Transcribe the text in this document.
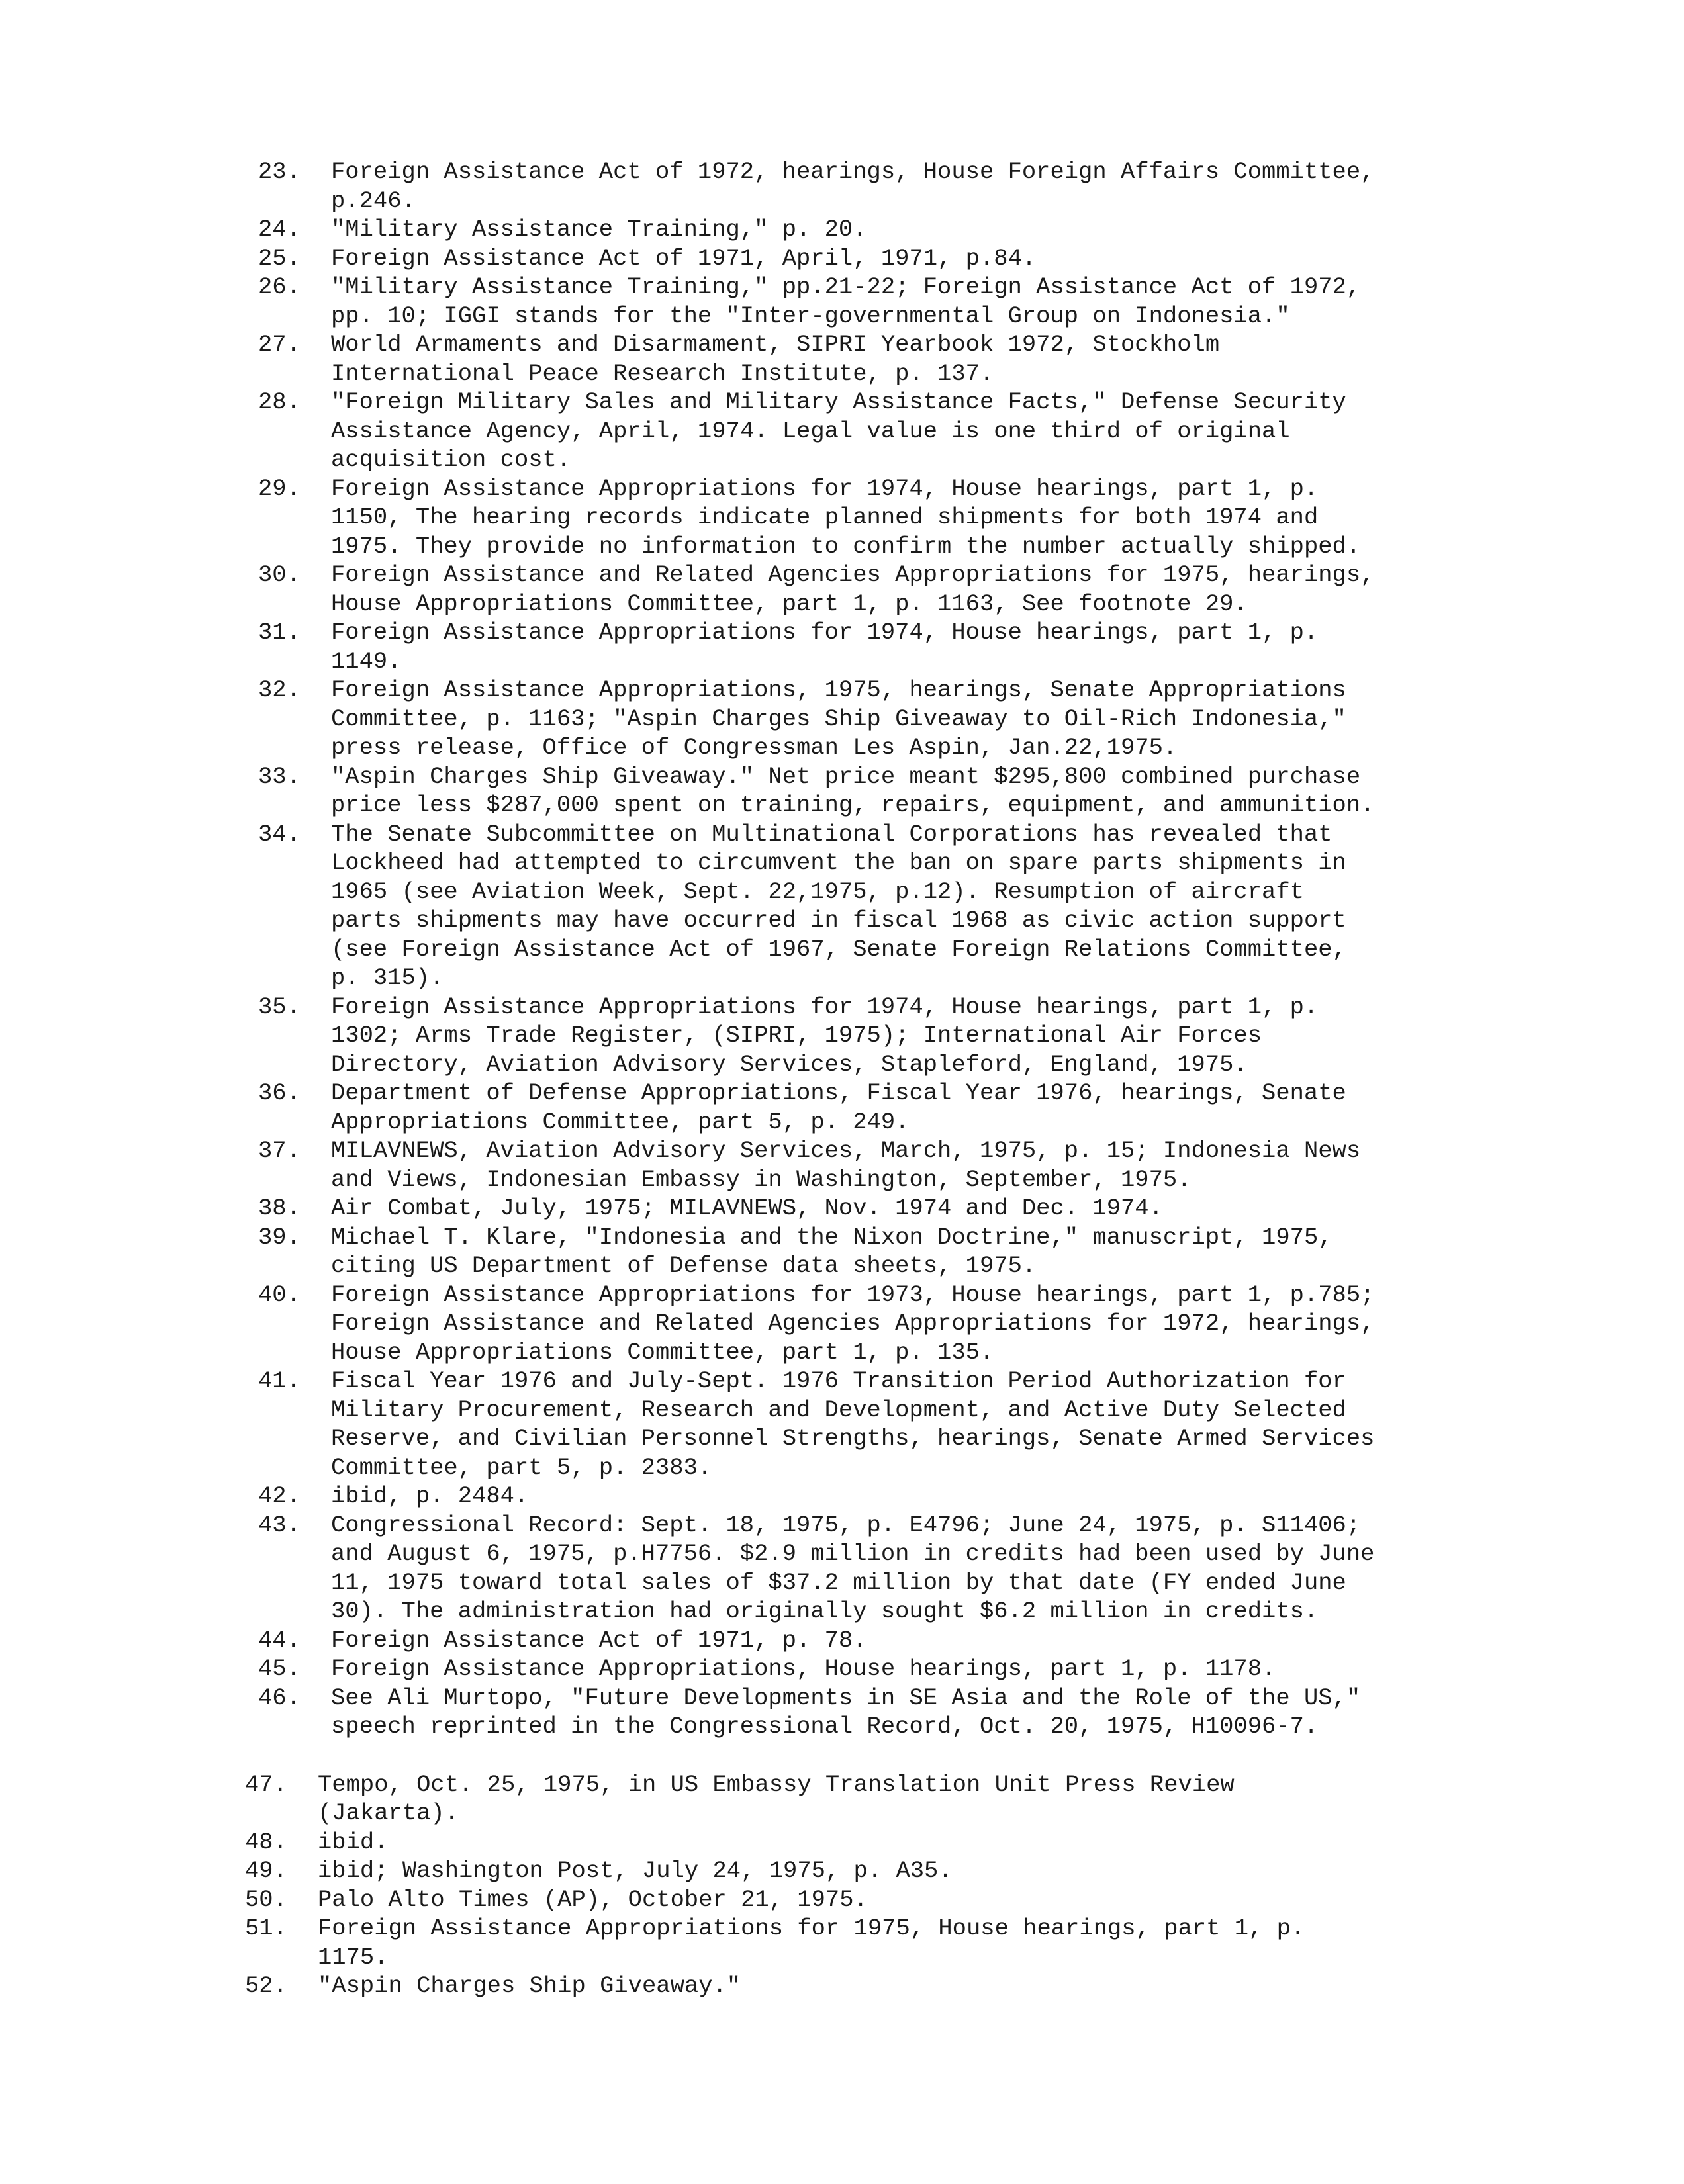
23. Foreign Assistance Act of 1972, hearings, House Foreign Affairs Committee, p.246.

24. "Military Assistance Training," p. 20.

25. Foreign Assistance Act of 1971, April, 1971, p.84.

26. "Military Assistance Training," pp.21-22; Foreign Assistance Act of 1972, pp. 10; IGGI stands for the "Inter-governmental Group on Indonesia."

27. World Armaments and Disarmament, SIPRI Yearbook 1972, Stockholm International Peace Research Institute, p. 137.

28. "Foreign Military Sales and Military Assistance Facts," Defense Security Assistance Agency, April, 1974. Legal value is one third of original acquisition cost.

29. Foreign Assistance Appropriations for 1974, House hearings, part 1, p. 1150, The hearing records indicate planned shipments for both 1974 and 1975. They provide no information to confirm the number actually shipped.

30. Foreign Assistance and Related Agencies Appropriations for 1975, hearings, House Appropriations Committee, part 1, p. 1163, See footnote 29.

31. Foreign Assistance Appropriations for 1974, House hearings, part 1, p. 1149.

32. Foreign Assistance Appropriations, 1975, hearings, Senate Appropriations Committee, p. 1163; "Aspin Charges Ship Giveaway to Oil-Rich Indonesia," press release, Office of Congressman Les Aspin, Jan.22,1975.

33. "Aspin Charges Ship Giveaway." Net price meant $295,800 combined purchase price less $287,000 spent on training, repairs, equipment, and ammunition.

34. The Senate Subcommittee on Multinational Corporations has revealed that Lockheed had attempted to circumvent the ban on spare parts shipments in 1965 (see Aviation Week, Sept. 22,1975, p.12). Resumption of aircraft parts shipments may have occurred in fiscal 1968 as civic action support (see Foreign Assistance Act of 1967, Senate Foreign Relations Committee, p. 315).

35. Foreign Assistance Appropriations for 1974, House hearings, part 1, p. 1302; Arms Trade Register, (SIPRI, 1975); International Air Forces Directory, Aviation Advisory Services, Stapleford, England, 1975.

36. Department of Defense Appropriations, Fiscal Year 1976, hearings, Senate Appropriations Committee, part 5, p. 249.

37. MILAVNEWS, Aviation Advisory Services, March, 1975, p. 15; Indonesia News and Views, Indonesian Embassy in Washington, September, 1975.

38. Air Combat, July, 1975; MILAVNEWS, Nov. 1974 and Dec. 1974.

39. Michael T. Klare, "Indonesia and the Nixon Doctrine," manuscript, 1975, citing US Department of Defense data sheets, 1975.

40. Foreign Assistance Appropriations for 1973, House hearings, part 1, p.785; Foreign Assistance and Related Agencies Appropriations for 1972, hearings, House Appropriations Committee, part 1, p. 135.

41. Fiscal Year 1976 and July-Sept. 1976 Transition Period Authorization for Military Procurement, Research and Development, and Active Duty Selected Reserve, and Civilian Personnel Strengths, hearings, Senate Armed Services Committee, part 5, p. 2383.

42. ibid, p. 2484.

43. Congressional Record: Sept. 18, 1975, p. E4796; June 24, 1975, p. S11406; and August 6, 1975, p.H7756. $2.9 million in credits had been used by June 11, 1975 toward total sales of $37.2 million by that date (FY ended June 30). The administration had originally sought $6.2 million in credits.

44. Foreign Assistance Act of 1971, p. 78.

45. Foreign Assistance Appropriations, House hearings, part 1, p. 1178.

46. See Ali Murtopo, "Future Developments in SE Asia and the Role of the US," speech reprinted in the Congressional Record, Oct. 20, 1975, H10096-7.

47. Tempo, Oct. 25, 1975, in US Embassy Translation Unit Press Review (Jakarta).

48. ibid.

49. ibid; Washington Post, July 24, 1975, p. A35.

50. Palo Alto Times (AP), October 21, 1975.

51. Foreign Assistance Appropriations for 1975, House hearings, part 1, p. 1175.

52. "Aspin Charges Ship Giveaway."
